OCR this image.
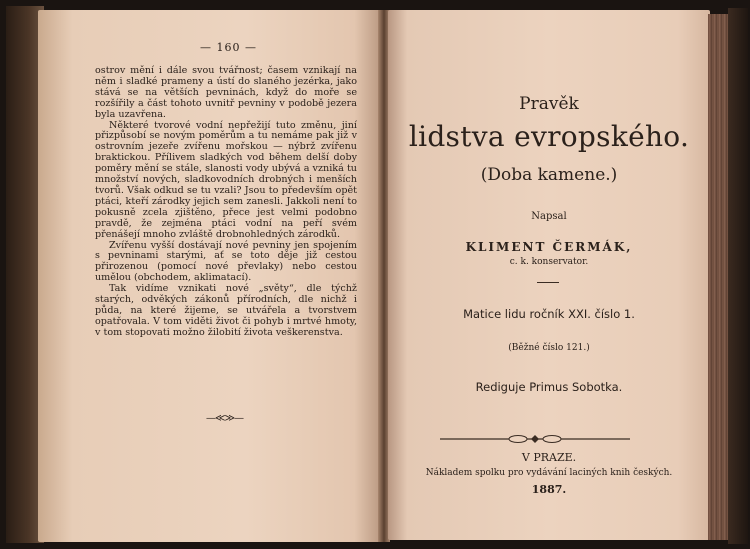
— 160 —

ostrov mění i dále svou tvářnost; časem vznikají na něm i sladké prameny a ústí do slaného jezérka, jako stává se na větších pevninách, když do moře se rozšířily a část tohoto uvnitř pevniny v podobě jezera byla uzavřena.

Některé tvorové vodní nepřežijí tuto změnu, jiní přizpůsobí se novým poměrům a tu nemáme pak již v ostrovním jezeře zvířenu mořskou — nýbrž zvířenu braktickou. Přílivem sladkých vod během delší doby poměry mění se stále, slanosti vody ubývá a vzniká tu množství nových, sladkovodních drobných i menších tvorů. Však odkud se tu vzali? Jsou to především opět ptáci, kteří zárodky jejich sem zanesli. Jakkoli není to pokusně zcela zjištěno, přece jest velmi podobno pravdě, že zejména ptáci vodní na peří svém přenášejí mnoho zvláště drobnohledných zárodků.

Zvířenu vyšší dostávají nové pevniny jen spojením s pevninami starými, ať se toto děje již cestou přirozenou (pomocí nové převlaky) nebo cestou umělou (obchodem, aklimatací).

Tak vidíme vznikati nové „světy“, dle týchž starých, odvěkých zákonů přírodních, dle nichž i půda, na které žijeme, se utvářela a tvorstvem opatřovala. V tom viděti život či pohyb i mrtvé hmoty, v tom stopovati možno žilobití života veškerenstva.

—≪≫—
Pravěk
lidstva evropského.
(Doba kamene.)
Napsal
KLIMENT ČERMÁK,
c. k. konservator.
Matice lidu ročník XXI. číslo 1.
(Běžné číslo 121.)
Rediguje Primus Sobotka.
V PRAZE.
Nákladem spolku pro vydávání laciných knih českých.
1887.
